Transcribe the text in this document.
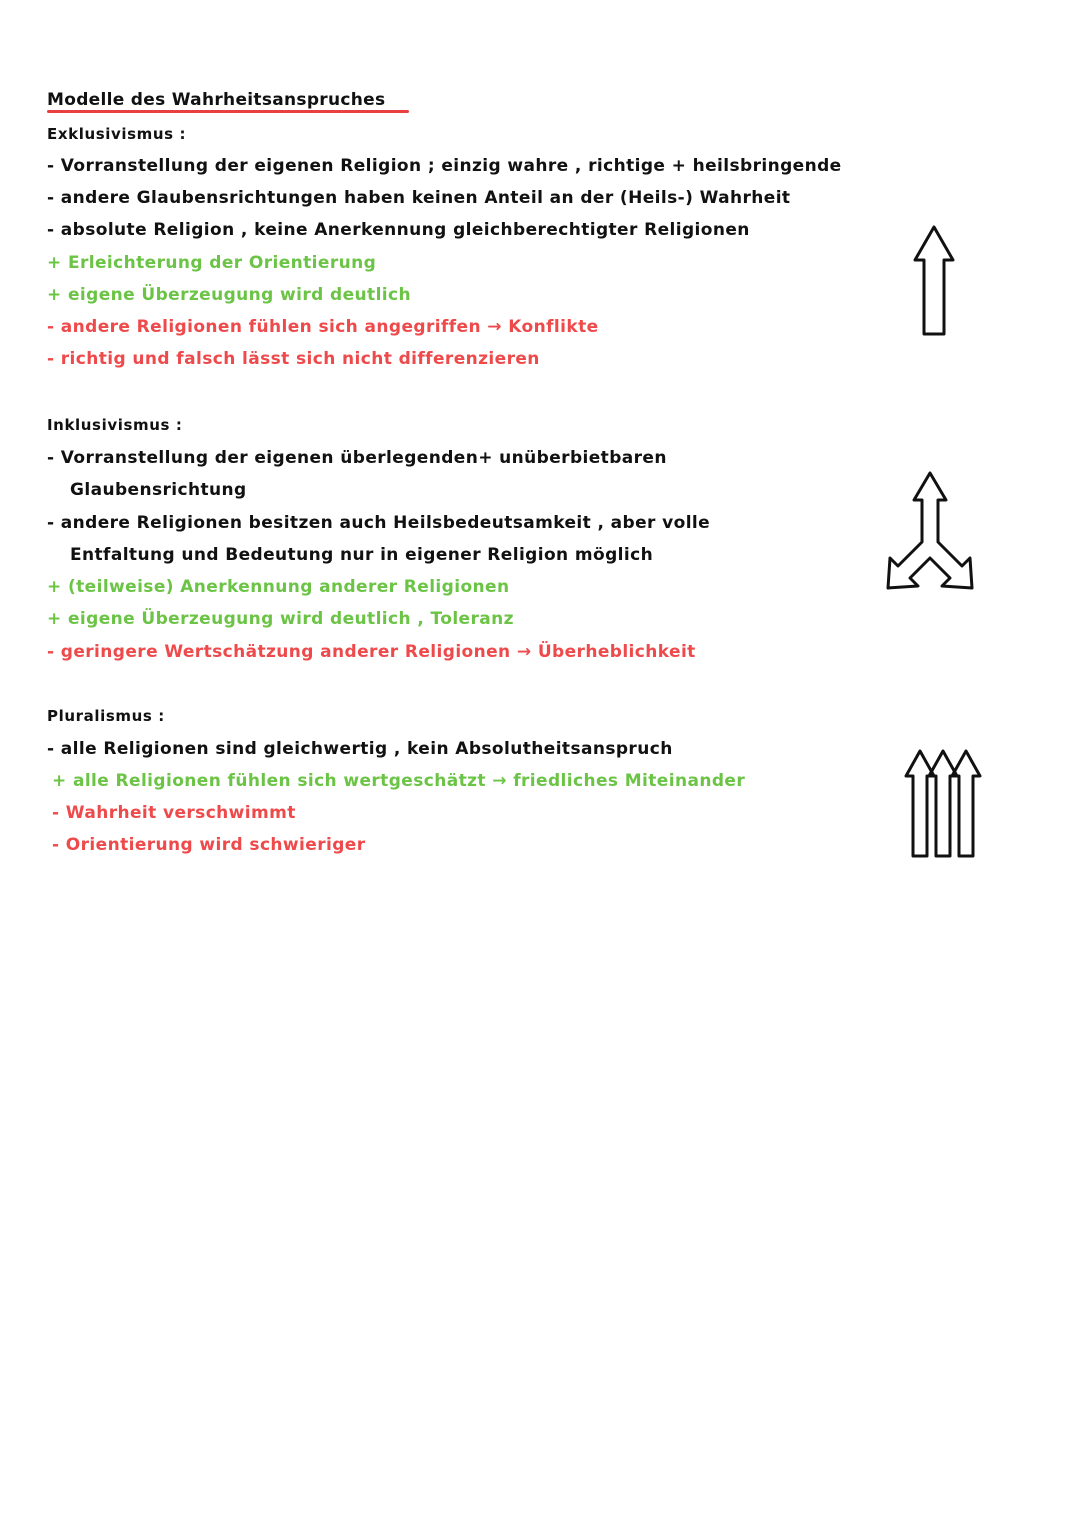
Modelle des Wahrheitsanspruches
Exklusivismus :
- Vorranstellung der eigenen Religion ; einzig wahre , richtige + heilsbringende
- andere Glaubensrichtungen haben keinen Anteil an der (Heils-) Wahrheit
- absolute Religion , keine Anerkennung gleichberechtigter Religionen
+ Erleichterung der Orientierung
+ eigene Überzeugung wird deutlich
- andere Religionen fühlen sich angegriffen → Konflikte
- richtig und falsch lässt sich nicht differenzieren
Inklusivismus :
- Vorranstellung der eigenen überlegenden+ unüberbietbaren
Glaubensrichtung
- andere Religionen besitzen auch Heilsbedeutsamkeit , aber volle
Entfaltung und Bedeutung nur in eigener Religion möglich
+ (teilweise) Anerkennung anderer Religionen
+ eigene Überzeugung wird deutlich , Toleranz
- geringere Wertschätzung anderer Religionen → Überheblichkeit
Pluralismus :
- alle Religionen sind gleichwertig , kein Absolutheitsanspruch
+ alle Religionen fühlen sich wertgeschätzt → friedliches Miteinander
- Wahrheit verschwimmt
- Orientierung wird schwieriger
